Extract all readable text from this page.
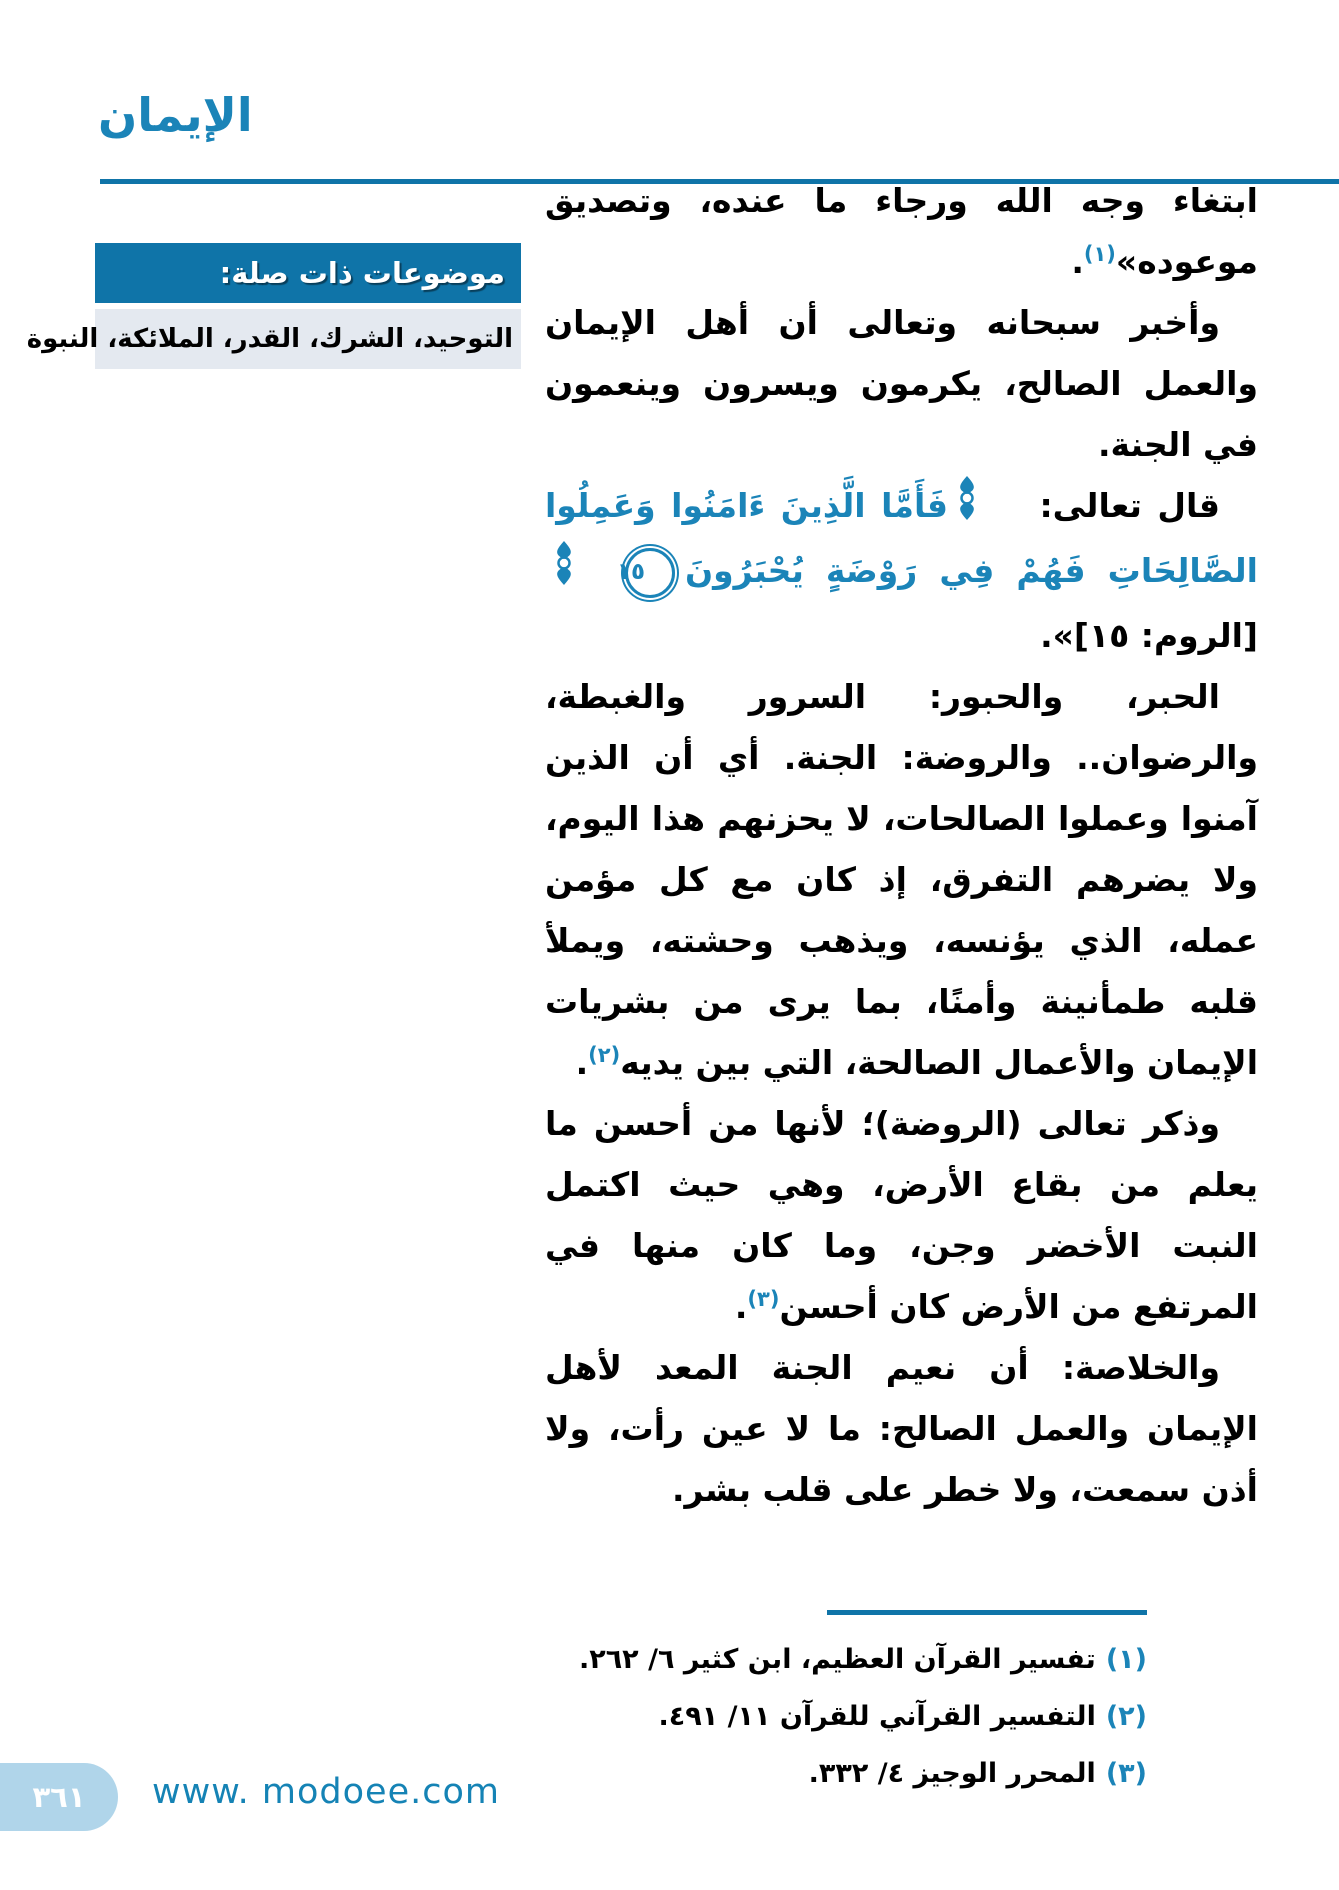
الإيمان
موضوعات ذات صلة:
التوحيد، الشرك، القدر، الملائكة، النبوة

ابتغاء وجه الله ورجاء ما عنده، وتصديق موعوده»$^{(١)}$.

وأخبر سبحانه وتعالى أن أهل الإيمان والعمل الصالح، يكرمون ويسرون وينعمون في الجنة.

قال تعالى: فَأَمَّا الَّذِينَ ءَامَنُوا وَعَمِلُوا الصَّالِحَاتِ فَهُمْ فِي رَوْضَةٍ يُحْبَرُونَ
١٥
[الروم: ١٥]».

الحبر، والحبور: السرور والغبطة، والرضوان.. والروضة: الجنة. أي أن الذين آمنوا وعملوا الصالحات، لا يحزنهم هذا اليوم، ولا يضرهم التفرق، إذ كان مع كل مؤمن عمله، الذي يؤنسه، ويذهب وحشته، ويملأ قلبه طمأنينة وأمنًا، بما يرى من بشريات الإيمان والأعمال الصالحة، التي بين يديه$^{(٢)}$.

وذكر تعالى (الروضة)؛ لأنها من أحسن ما يعلم من بقاع الأرض، وهي حيث اكتمل النبت الأخضر وجن، وما كان منها في المرتفع من الأرض كان أحسن$^{(٣)}$.

والخلاصة: أن نعيم الجنة المعد لأهل الإيمان والعمل الصالح: ما لا عين رأت، ولا أذن سمعت، ولا خطر على قلب بشر.

(١)تفسير القرآن العظيم، ابن كثير ٦/ ٢٦٢.
(٢)التفسير القرآني للقرآن ١١/ ٤٩١.
(٣)المحرر الوجيز ٤/ ٣٣٢.
٣٦١ www. modoee.com
